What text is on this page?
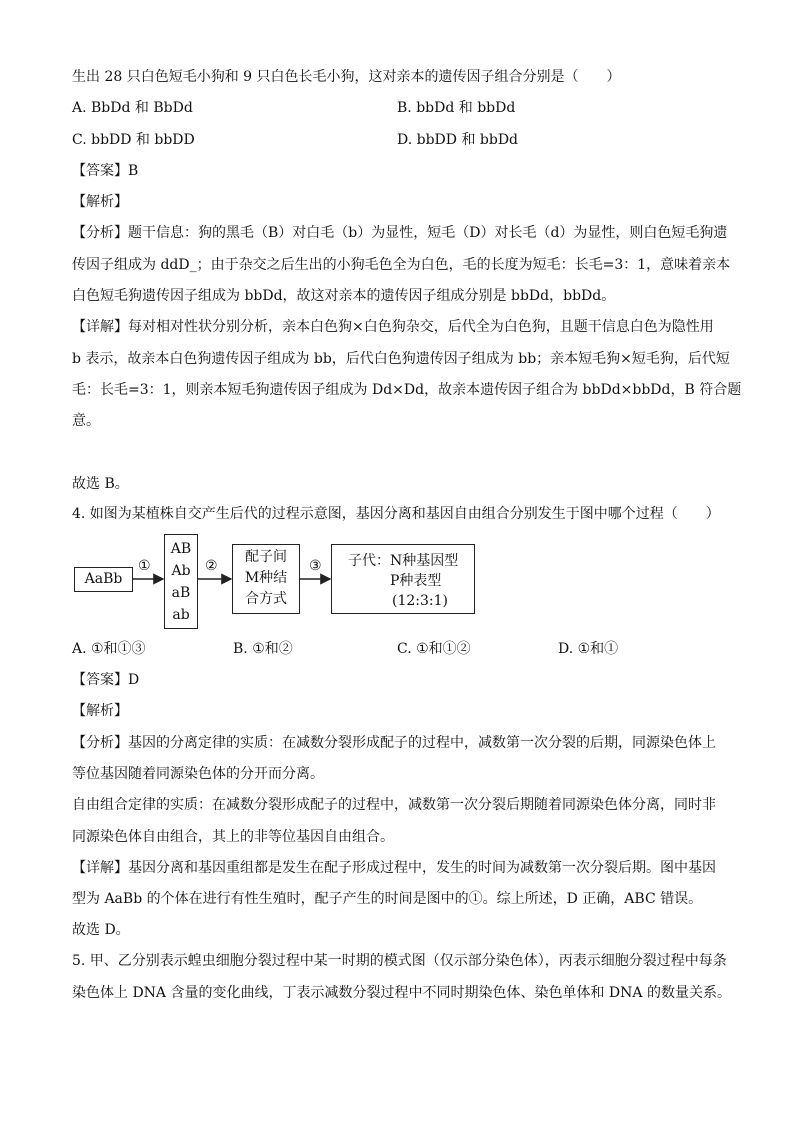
生出 28 只白色短毛小狗和 9 只白色长毛小狗，这对亲本的遗传因子组合分别是（　　）
A. BbDd 和 BbDd	B. bbDd 和 bbDd
C. bbDD 和 bbDD	D. bbDD 和 bbDd
【答案】B
【解析】
【分析】题干信息：狗的黑毛（B）对白毛（b）为显性，短毛（D）对长毛（d）为显性，则白色短毛狗遗
传因子组成为 ddD_；由于杂交之后生出的小狗毛色全为白色，毛的长度为短毛：长毛=3：1，意味着亲本
白色短毛狗遗传因子组成为 bbDd，故这对亲本的遗传因子组成分别是 bbDd，bbDd。
【详解】每对相对性状分别分析，亲本白色狗×白色狗杂交，后代全为白色狗，且题干信息白色为隐性用
b 表示，故亲本白色狗遗传因子组成为 bb，后代白色狗遗传因子组成为 bb；亲本短毛狗×短毛狗，后代短
毛：长毛=3：1，则亲本短毛狗遗传因子组成为 Dd×Dd，故亲本遗传因子组合为 bbDd×bbDd，B 符合题
意。
故选 B。
4. 如图为某植株自交产生后代的过程示意图，基因分离和基因自由组合分别发生于图中哪个过程（　　）
AaBb
①
AB
Ab
aB
ab
②
配子间
M种结
合方式
③ 子代：N种基因型
P种表型
(12:3:1)
A. ①和①③	B. ①和②	C. ①和①②	D. ①和①
【答案】D
【解析】
【分析】基因的分离定律的实质：在减数分裂形成配子的过程中，减数第一次分裂的后期，同源染色体上
等位基因随着同源染色体的分开而分离。
自由组合定律的实质：在减数分裂形成配子的过程中，减数第一次分裂后期随着同源染色体分离，同时非
同源染色体自由组合，其上的非等位基因自由组合。
【详解】基因分离和基因重组都是发生在配子形成过程中，发生的时间为减数第一次分裂后期。图中基因
型为 AaBb 的个体在进行有性生殖时，配子产生的时间是图中的①。综上所述，D 正确，ABC 错误。
故选 D。
5. 甲、乙分别表示蝗虫细胞分裂过程中某一时期的模式图（仅示部分染色体），丙表示细胞分裂过程中每条
染色体上 DNA 含量的变化曲线，丁表示减数分裂过程中不同时期染色体、染色单体和 DNA 的数量关系。
